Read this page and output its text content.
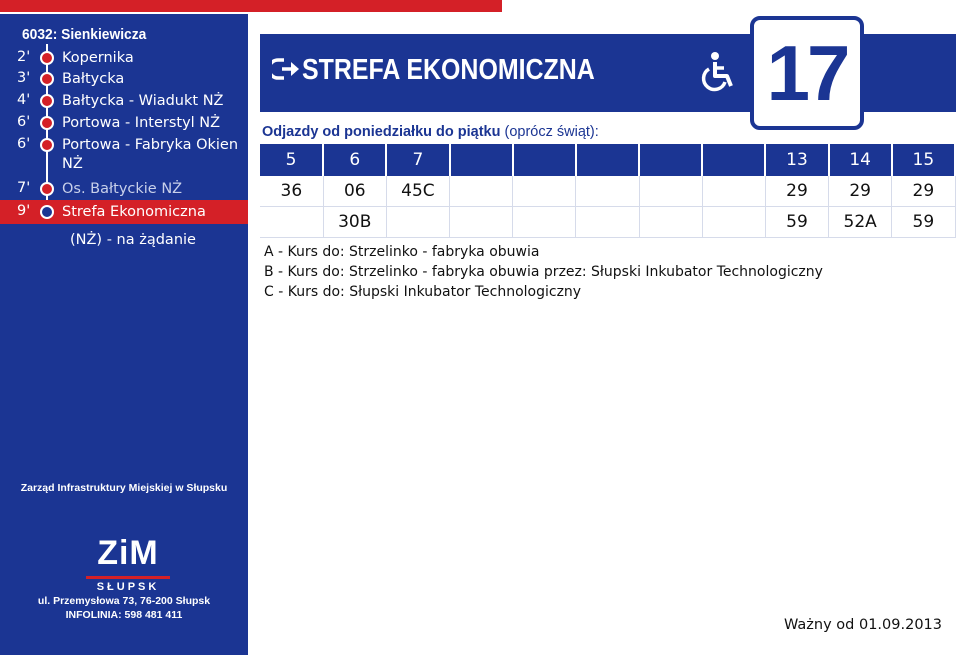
6032: Sienkiewicza
2' Kopernika
3' Bałtycka
4' Bałtycka - Wiadukt NŻ
6' Portowa - Interstyl NŻ
6' Portowa - Fabryka Okien NŻ
7' Os. Bałtyckie NŻ
9' Strefa Ekonomiczna
(NŻ) - na żądanie
Zarząd Infrastruktury Miejskiej w Słupsku
ZiM
SŁUPSK
ul. Przemysłowa 73, 76-200 Słupsk
INFOLINIA: 598 481 411
STREFA EKONOMICZNA 17
Odjazdy od poniedziałku do piątku (oprócz świąt):
5	6	7						13	14	15
36	06	45C						29	29	29
	30B							59	52A	59
A - Kurs do: Strzelinko - fabryka obuwia
B - Kurs do: Strzelinko - fabryka obuwia przez: Słupski Inkubator Technologiczny
C - Kurs do: Słupski Inkubator Technologiczny
Ważny od 01.09.2013
